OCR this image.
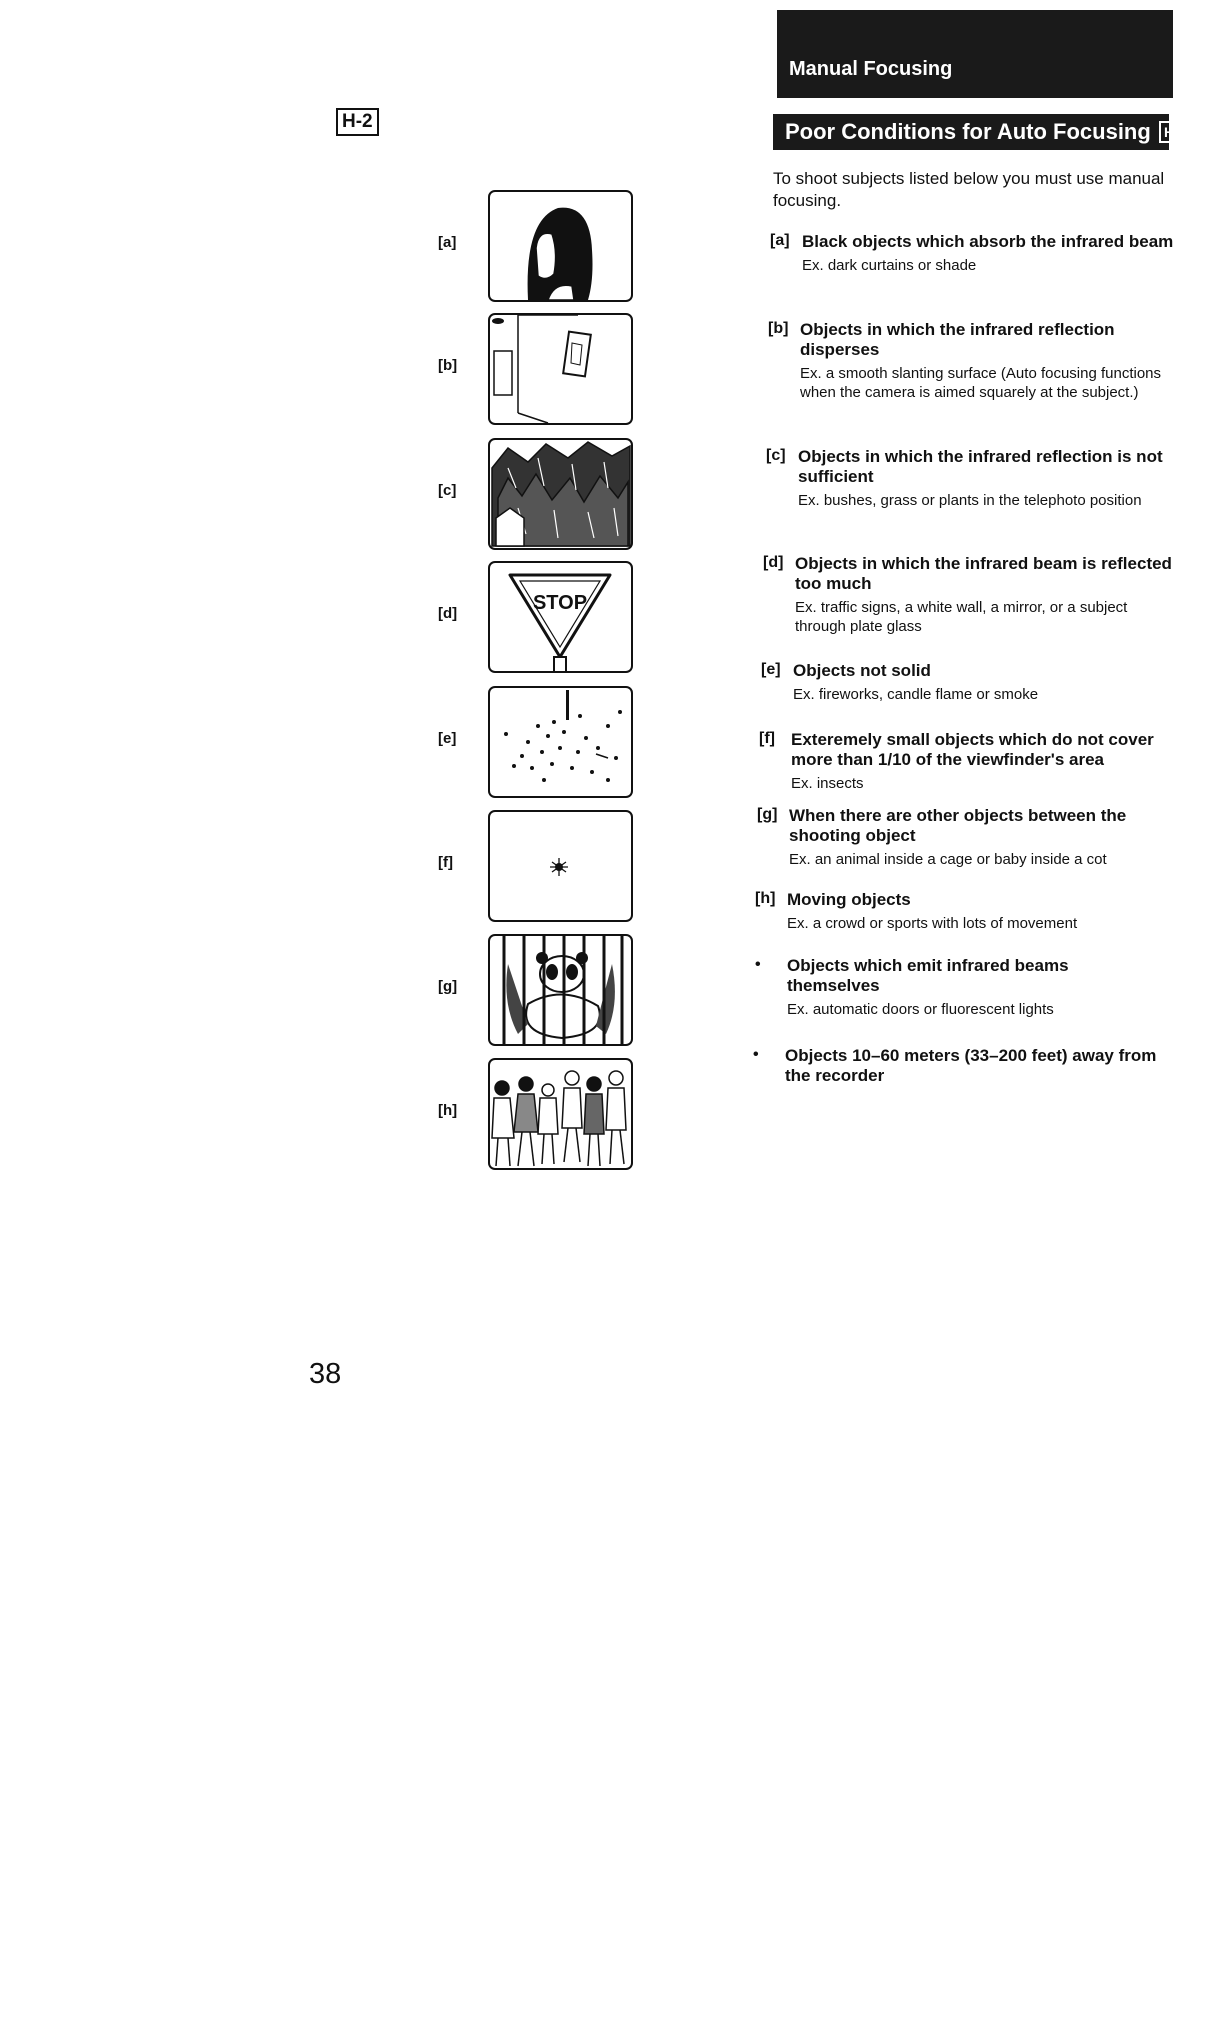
H-2
[a]
[b]
[c]
[d]	STOP
[e]
[f]
[g]
[h]
38
Manual Focusing
Poor Conditions for Auto Focusing H-2
To shoot subjects listed below you must use manual focusing.
[a] Black objects which absorb the infrared beam
Ex. dark curtains or shade
[b] Objects in which the infrared reflection disperses
Ex. a smooth slanting surface (Auto focusing functions when the camera is aimed squarely at the subject.)
[c] Objects in which the infrared reflection is not sufficient
Ex. bushes, grass or plants in the telephoto position
[d] Objects in which the infrared beam is reflected too much
Ex. traffic signs, a white wall, a mirror, or a subject through plate glass
[e] Objects not solid
Ex. fireworks, candle flame or smoke
[f] Exteremely small objects which do not cover more than 1/10 of the viewfinder's area
Ex. insects
[g] When there are other objects between the shooting object
Ex. an animal inside a cage or baby inside a cot
[h] Moving objects
Ex. a crowd or sports with lots of movement
•	Objects which emit infrared beams themselves
Ex. automatic doors or fluorescent lights
•	Objects 10–60 meters (33–200 feet) away from the recorder
